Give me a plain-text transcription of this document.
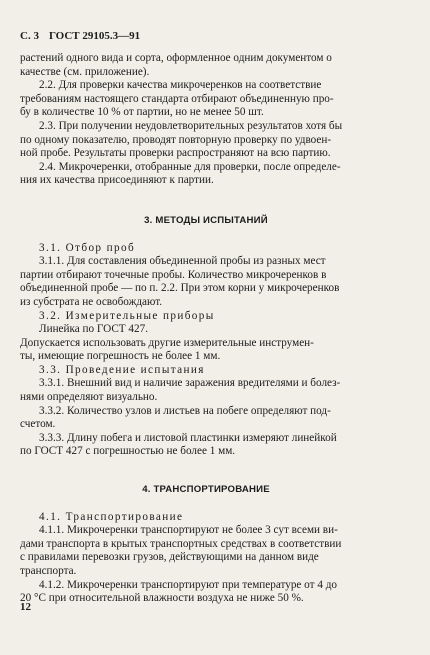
С. 3 ГОСТ 29105.3—91

растений одного вида и сорта, оформленное одним документом о

качестве (см. приложение).

2.2. Для проверки качества микрочеренков на соответствие

требованиям настоящего стандарта отбирают объединенную про-

бу в количестве 10 % от партии, но не менее 50 шт.

2.3. При получении неудовлетворительных результатов хотя бы

по одному показателю, проводят повторную проверку по удвоен-

ной пробе. Результаты проверки распространяют на всю партию.

2.4. Микрочеренки, отобранные для проверки, после определе-

ния их качества присоединяют к партии.

3. МЕТОДЫ ИСПЫТАНИЙ

3.1. Отбор проб

3.1.1. Для составления объединенной пробы из разных мест

партии отбирают точечные пробы. Количество микрочеренков в

объединенной пробе — по п. 2.2. При этом корни у микрочеренков

из субстрата не освобождают.

3.2. Измерительные приборы

Линейка по ГОСТ 427.

Допускается использовать другие измерительные инструмен-

ты, имеющие погрешность не более 1 мм.

3.3. Проведение испытания

3.3.1. Внешний вид и наличие заражения вредителями и болез-

нями определяют визуально.

3.3.2. Количество узлов и листьев на побеге определяют под-

счетом.

3.3.3. Длину побега и листовой пластинки измеряют линейкой

по ГОСТ 427 с погрешностью не более 1 мм.

4. ТРАНСПОРТИРОВАНИЕ

4.1. Транспортирование

4.1.1. Микрочеренки транспортируют не более 3 сут всеми ви-

дами транспорта в крытых транспортных средствах в соответствии

с правилами перевозки грузов, действующими на данном виде

транспорта.

4.1.2. Микрочеренки транспортируют при температуре от 4 до

20 °С при относительной влажности воздуха не ниже 50 %.

12
